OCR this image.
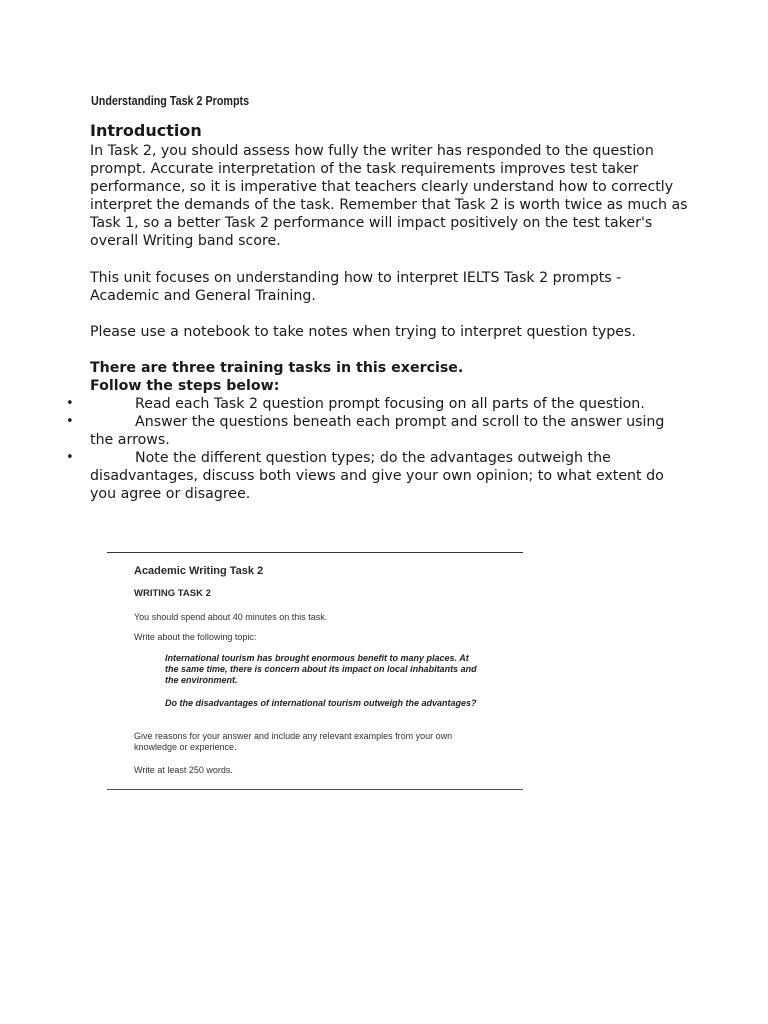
Understanding Task 2 Prompts
Introduction

In Task 2, you should assess how fully the writer has responded to the question prompt. Accurate interpretation of the task requirements improves test taker performance, so it is imperative that teachers clearly understand how to correctly interpret the demands of the task. Remember that Task 2 is worth twice as much as Task 1, so a better Task 2 performance will impact positively on the test taker's overall Writing band score.

This unit focuses on understanding how to interpret IELTS Task 2 prompts - Academic and General Training.

Please use a notebook to take notes when trying to interpret question types.

There are three training tasks in this exercise.
Follow the steps below:
•	Read each Task 2 question prompt focusing on all parts of the question.
•	Answer the questions beneath each prompt and scroll to the answer using the arrows.
•	Note the different question types; do the advantages outweigh the disadvantages, discuss both views and give your own opinion; to what extent do you agree or disagree.
Academic Writing Task 2
WRITING TASK 2
You should spend about 40 minutes on this task.
Write about the following topic:

International tourism has brought enormous benefit to many places. At the same time, there is concern about its impact on local inhabitants and the environment.

Do the disadvantages of international tourism outweigh the advantages?

Give reasons for your answer and include any relevant examples from your own knowledge or experience.

Write at least 250 words.
